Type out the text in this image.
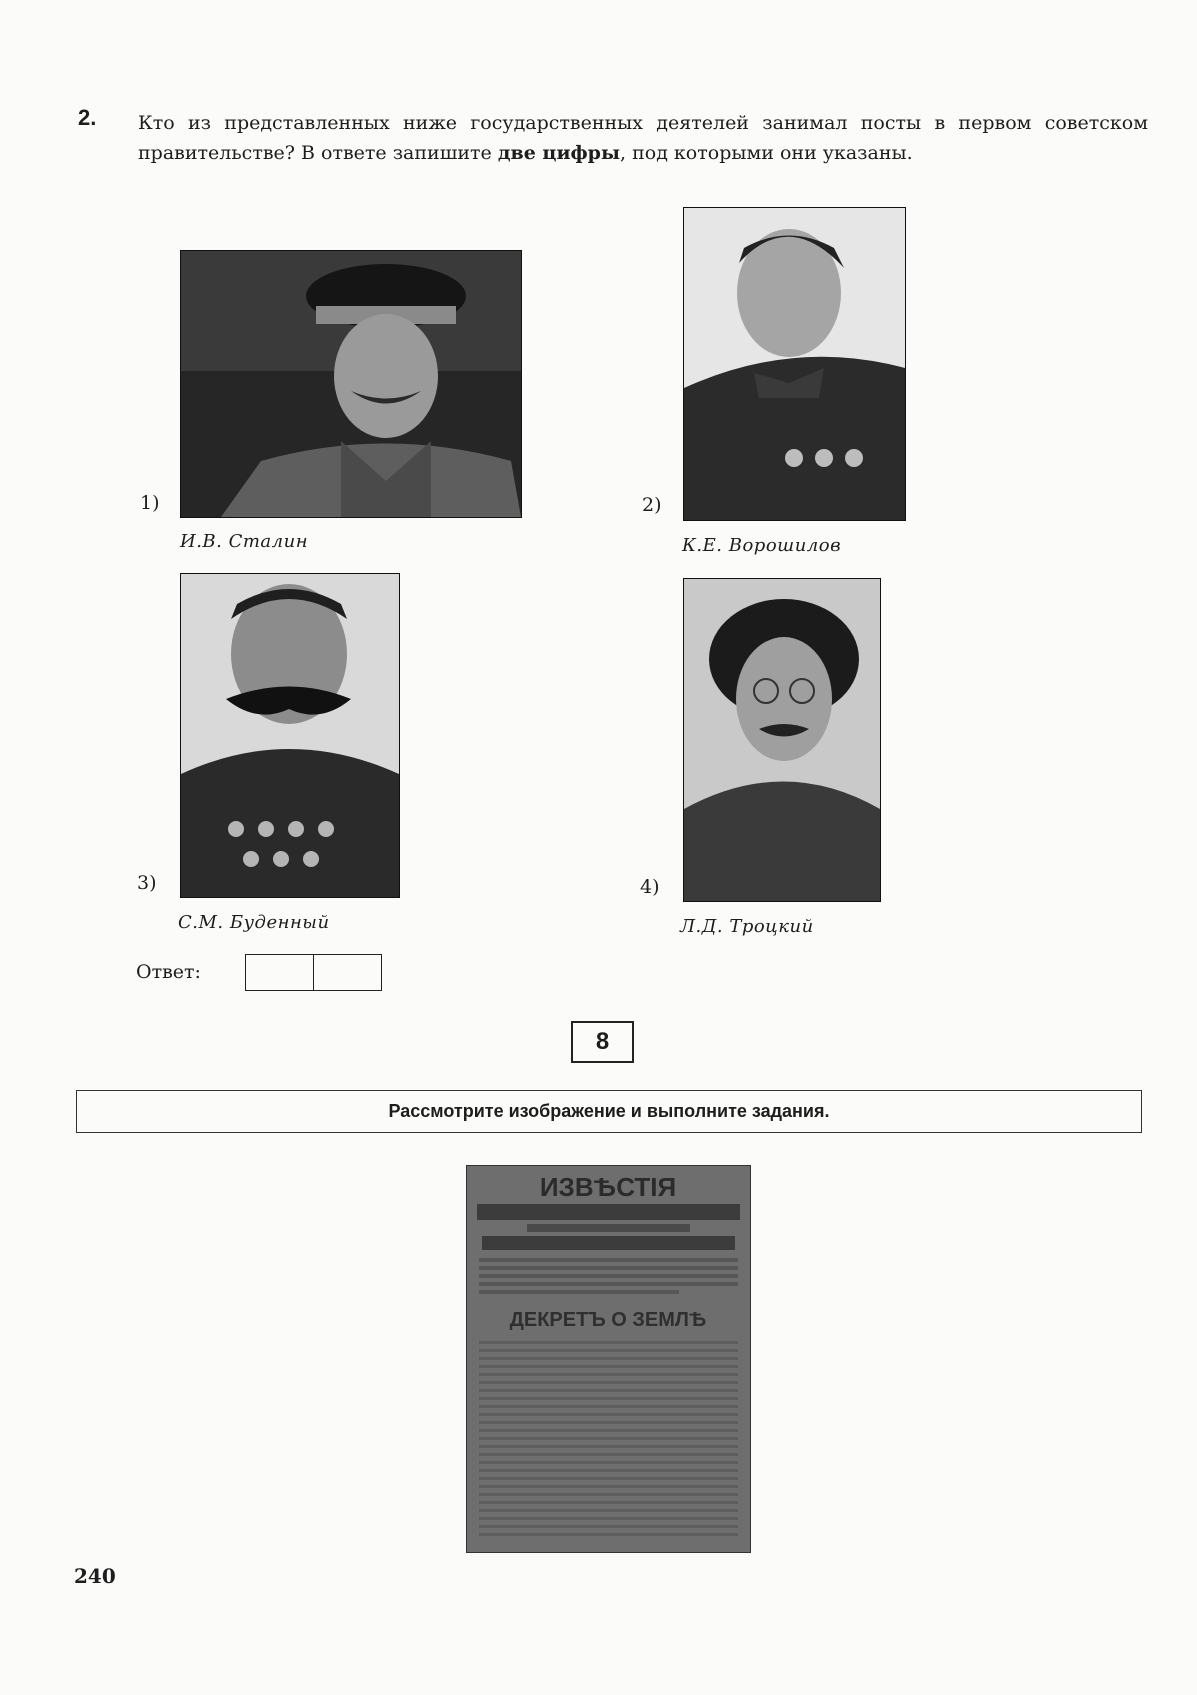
2. Кто из представленных ниже государственных деятелей занимал посты в первом советском правительстве? В ответе запишите две цифры, под которыми они указаны.
1)
И.В. Сталин
2)
К.Е. Ворошилов
3)
С.М. Буденный
4)
Л.Д. Троцкий
Ответ:
8
Рассмотрите изображение и выполните задания.
ИЗВѢСТІЯ
ДЕКРЕТЪ О ЗЕМЛѢ
240
